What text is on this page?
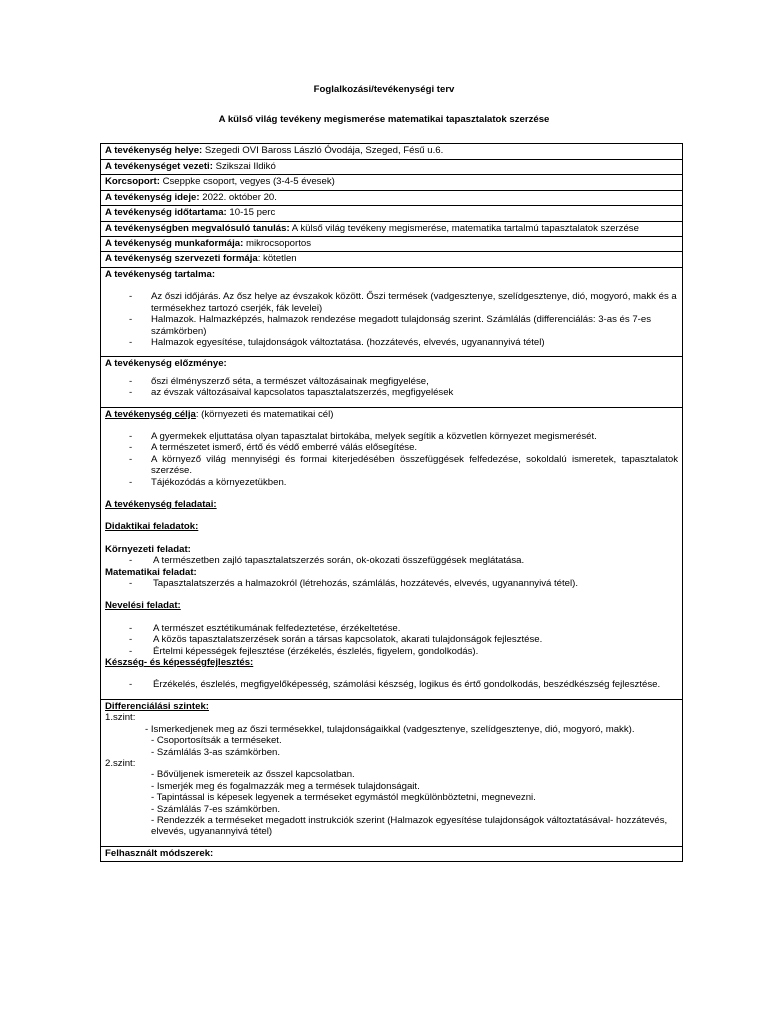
Foglalkozási/tevékenységi terv
A külső világ tevékeny megismerése matematikai tapasztalatok szerzése
A tevékenység helye: Szegedi OVI Baross László Óvodája, Szeged, Fésű u.6.
A tevékenységet vezeti: Szikszai Ildikó
Korcsoport: Cseppke csoport, vegyes (3-4-5 évesek)
A tevékenység ideje: 2022. október 20.
A tevékenység időtartama: 10-15 perc
A tevékenységben megvalósuló tanulás: A külső világ tevékeny megismerése, matematika tartalmú tapasztalatok szerzése
A tevékenység munkaformája: mikrocsoportos
A tevékenység szervezeti formája: kötetlen

A tevékenység tartalma:
- Az őszi időjárás. Az ősz helye az évszakok között. Őszi termések (vadgesztenye, szelídgesztenye, dió, mogyoró, makk és a termésekhez tartozó cserjék, fák levelei)
- Halmazok. Halmazképzés, halmazok rendezése megadott tulajdonság szerint. Számlálás (differenciálás: 3-as és 7-es számkörben)
- Halmazok egyesítése, tulajdonságok változtatása. (hozzátevés, elvevés, ugyanannyivá tétel)

A tevékenység előzménye:
- őszi élményszerző séta, a természet változásainak megfigyelése,
- az évszak változásaival kapcsolatos tapasztalatszerzés, megfigyelések

A tevékenység célja: (környezeti és matematikai cél)
- A gyermekek eljuttatása olyan tapasztalat birtokába, melyek segítik a közvetlen környezet megismerését.
- A természetet ismerő, értő és védő emberré válás elősegítése.
- A környező világ mennyiségi és formai kiterjedésében összefüggések felfedezése, sokoldalú ismeretek, tapasztalatok szerzése.
- Tájékozódás a környezetükben.
A tevékenység feladatai:
Didaktikai feladatok:
Környezeti feladat:
- A természetben zajló tapasztalatszerzés során, ok-okozati összefüggések meglátatása.
Matematikai feladat:
- Tapasztalatszerzés a halmazokról (létrehozás, számlálás, hozzátevés, elvevés, ugyanannyivá tétel).
Nevelési feladat:
- A természet esztétikumának felfedeztetése, érzékeltetése.
- A közös tapasztalatszerzések során a társas kapcsolatok, akarati tulajdonságok fejlesztése.
- Értelmi képességek fejlesztése (érzékelés, észlelés, figyelem, gondolkodás).
Készség- és képességfejlesztés:
- Érzékelés, észlelés, megfigyelőképesség, számolási készség, logikus és értő gondolkodás, beszédkészség fejlesztése.

Differenciálási szintek:
1.szint:
- Ismerkedjenek meg az őszi termésekkel, tulajdonságaikkal (vadgesztenye, szelídgesztenye, dió, mogyoró, makk).
- Csoportosítsák a terméseket.
- Számlálás 3-as számkörben.
2.szint:
- Bővüljenek ismereteik az ősszel kapcsolatban.
- Ismerjék meg és fogalmazzák meg a termések tulajdonságait.
- Tapintással is képesek legyenek a terméseket egymástól megkülönböztetni, megnevezni.
- Számlálás 7-es számkörben.
- Rendezzék a terméseket megadott instrukciók szerint (Halmazok egyesítése tulajdonságok változtatásával- hozzátevés, elvevés, ugyanannyivá tétel)

Felhasznált módszerek:
